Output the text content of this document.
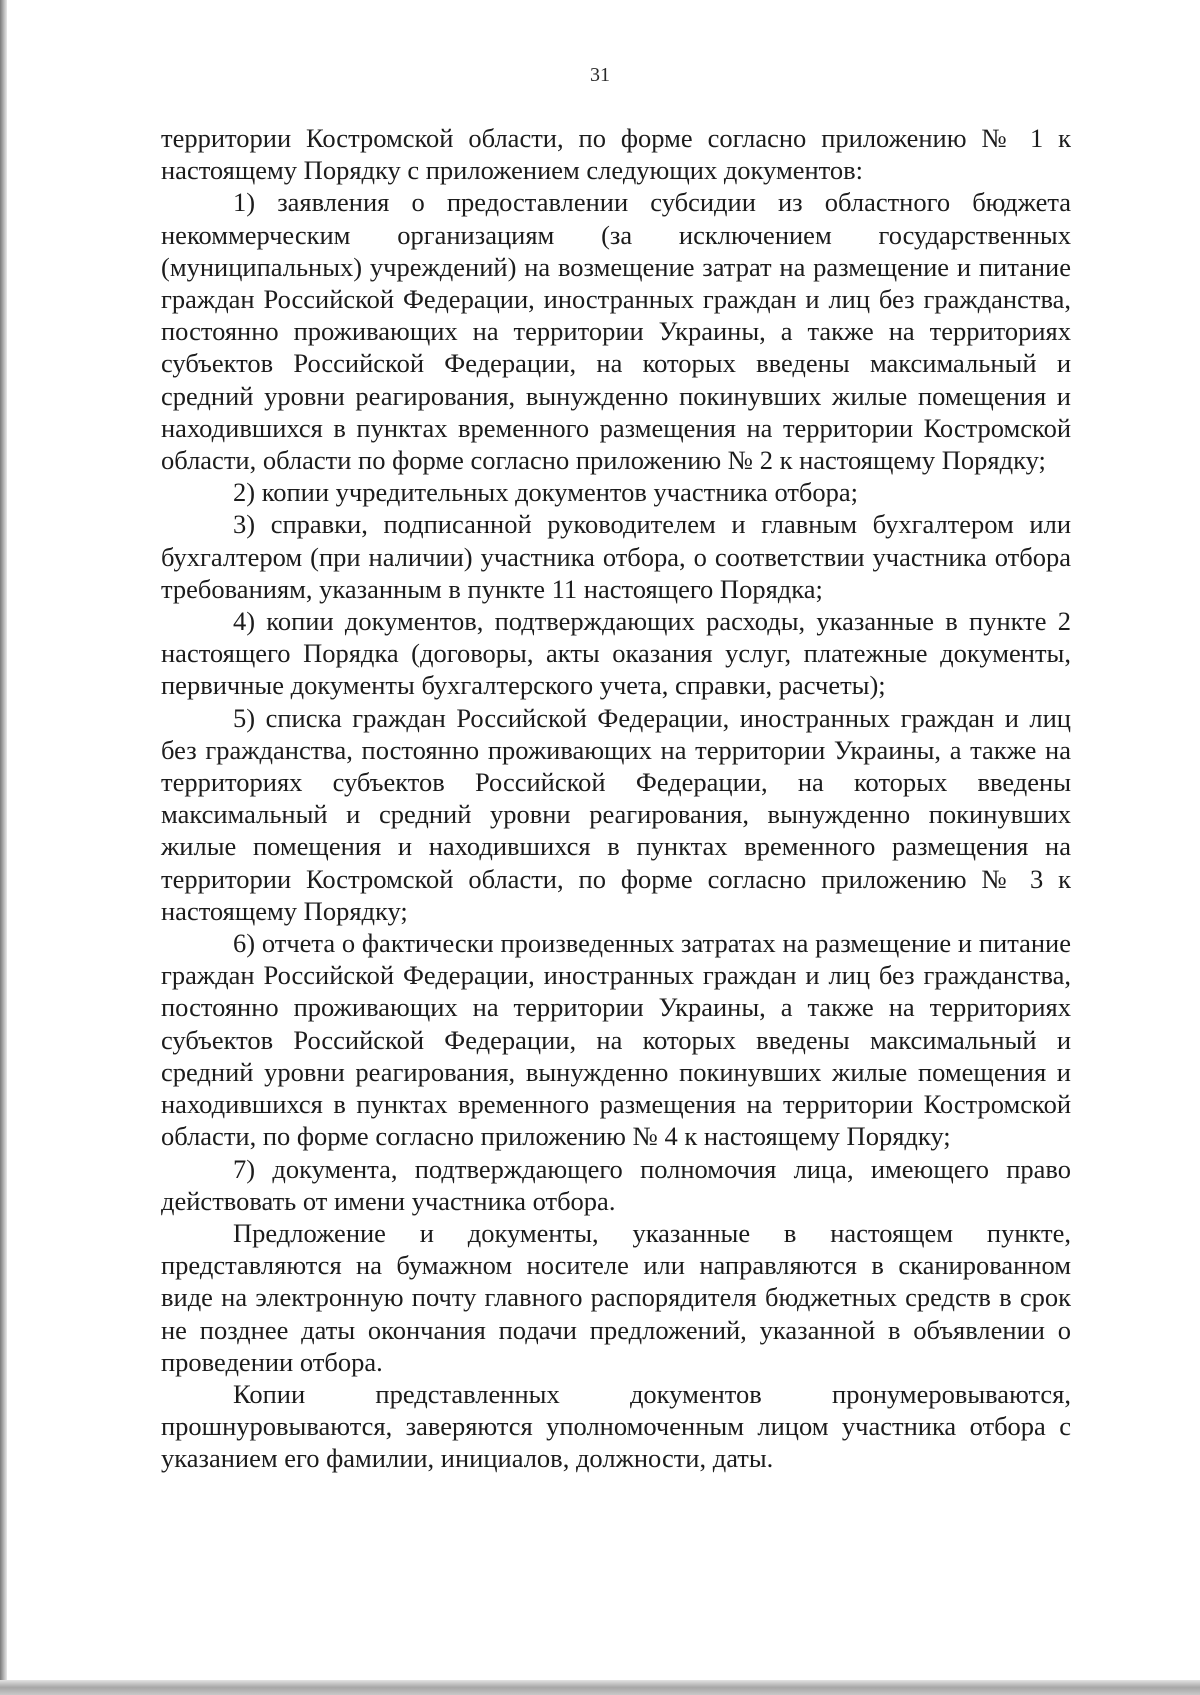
31

территории Костромской области, по форме согласно приложению № 1 к настоящему Порядку с приложением следующих документов:

1) заявления о предоставлении субсидии из областного бюджета некоммерческим организациям (за исключением государственных (муниципальных) учреждений) на возмещение затрат на размещение и питание граждан Российской Федерации, иностранных граждан и лиц без гражданства, постоянно проживающих на территории Украины, а также на территориях субъектов Российской Федерации, на которых введены максимальный и средний уровни реагирования, вынужденно покинувших жилые помещения и находившихся в пунктах временного размещения на территории Костромской области, области по форме согласно приложению № 2 к настоящему Порядку;

2) копии учредительных документов участника отбора;

3) справки, подписанной руководителем и главным бухгалтером или бухгалтером (при наличии) участника отбора, о соответствии участника отбора требованиям, указанным в пункте 11 настоящего Порядка;

4) копии документов, подтверждающих расходы, указанные в пункте 2 настоящего Порядка (договоры, акты оказания услуг, платежные документы, первичные документы бухгалтерского учета, справки, расчеты);

5) списка граждан Российской Федерации, иностранных граждан и лиц без гражданства, постоянно проживающих на территории Украины, а также на территориях субъектов Российской Федерации, на которых введены максимальный и средний уровни реагирования, вынужденно покинувших жилые помещения и находившихся в пунктах временного размещения на территории Костромской области, по форме согласно приложению № 3 к настоящему Порядку;

6) отчета о фактически произведенных затратах на размещение и питание граждан Российской Федерации, иностранных граждан и лиц без гражданства, постоянно проживающих на территории Украины, а также на территориях субъектов Российской Федерации, на которых введены максимальный и средний уровни реагирования, вынужденно покинувших жилые помещения и находившихся в пунктах временного размещения на территории Костромской области, по форме согласно приложению № 4 к настоящему Порядку;

7) документа, подтверждающего полномочия лица, имеющего право действовать от имени участника отбора.

Предложение и документы, указанные в настоящем пункте, представляются на бумажном носителе или направляются в сканированном виде на электронную почту главного распорядителя бюджетных средств в срок не позднее даты окончания подачи предложений, указанной в объявлении о проведении отбора.

Копии представленных документов пронумеровываются, прошнуровываются, заверяются уполномоченным лицом участника отбора с указанием его фамилии, инициалов, должности, даты.
